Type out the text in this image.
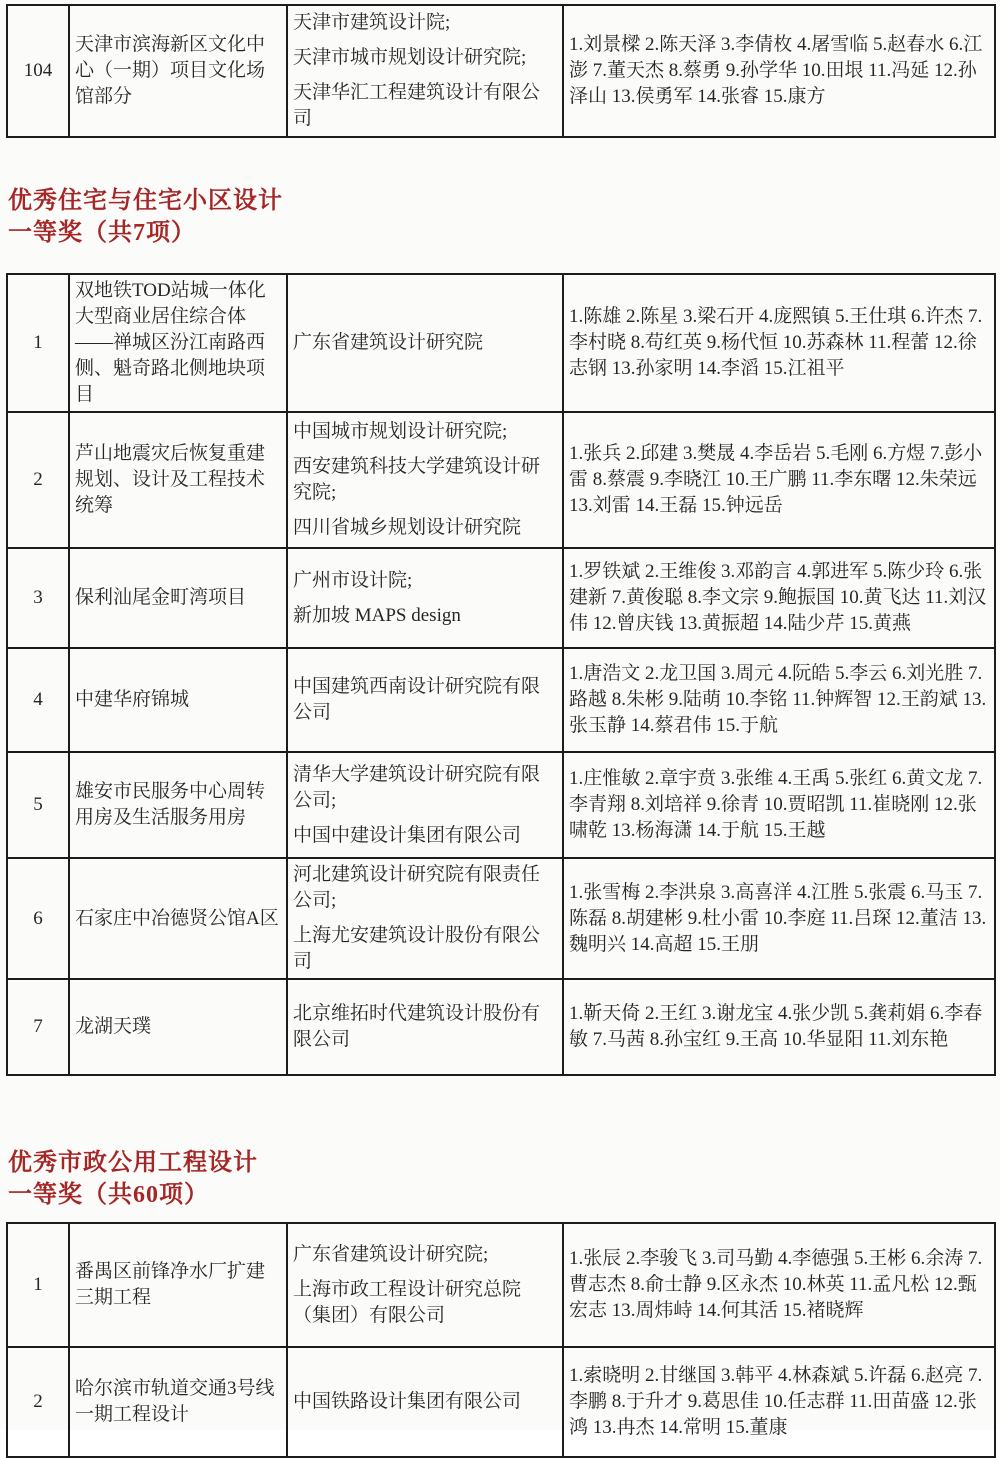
104	天津市滨海新区文化中心（一期）项目文化场馆部分	
天津市建筑设计院;
天津市城市规划设计研究院;
天津华汇工程建筑设计有限公司
	1.刘景樑 2.陈天泽 3.李倩枚 4.屠雪临 5.赵春水 6.江澎 7.董天杰 8.蔡勇 9.孙学华 10.田垠 11.冯延 12.孙泽山 13.侯勇军 14.张睿 15.康方
优秀住宅与住宅小区设计
一等奖（共7项）
1	双地铁TOD站城一体化大型商业居住综合体——禅城区汾江南路西侧、魁奇路北侧地块项目	广东省建筑设计研究院	1.陈雄 2.陈星 3.梁石开 4.庞熙镇 5.王仕琪 6.许杰 7.李村晓 8.苟红英 9.杨代恒 10.苏森林 11.程蕾 12.徐志钢 13.孙家明 14.李滔 15.江祖平
2	芦山地震灾后恢复重建规划、设计及工程技术统筹	中国城市规划设计研究院;
西安建筑科技大学建筑设计研究院;
四川省城乡规划设计研究院	1.张兵 2.邱建 3.樊晟 4.李岳岩 5.毛刚 6.方煜 7.彭小雷 8.蔡震 9.李晓江 10.王广鹏 11.李东曙 12.朱荣远 13.刘雷 14.王磊 15.钟远岳
3	保利汕尾金町湾项目	广州市设计院;
新加坡 MAPS design	1.罗铁斌 2.王维俊 3.邓韵言 4.郭进军 5.陈少玲 6.张建新 7.黄俊聪 8.李文宗 9.鲍振国 10.黄飞达 11.刘汉伟 12.曾庆钱 13.黄振超 14.陆少芹 15.黄燕
4	中建华府锦城	中国建筑西南设计研究院有限公司	1.唐浩文 2.龙卫国 3.周元 4.阮皓 5.李云 6.刘光胜 7.路越 8.朱彬 9.陆萌 10.李铭 11.钟辉智 12.王韵斌 13.张玉静 14.蔡君伟 15.于航
5	雄安市民服务中心周转用房及生活服务用房	清华大学建筑设计研究院有限公司;
中国中建设计集团有限公司	1.庄惟敏 2.章宇贲 3.张维 4.王禹 5.张红 6.黄文龙 7.李青翔 8.刘培祥 9.徐青 10.贾昭凯 11.崔晓刚 12.张啸乾 13.杨海潇 14.于航 15.王越
6	石家庄中冶德贤公馆A区	河北建筑设计研究院有限责任公司;
上海尤安建筑设计股份有限公司	1.张雪梅 2.李洪泉 3.高喜洋 4.江胜 5.张震 6.马玉 7.陈磊 8.胡建彬 9.杜小雷 10.李庭 11.吕琛 12.董洁 13.魏明兴 14.高超 15.王朋
7	龙湖天璞	北京维拓时代建筑设计股份有限公司	1.靳天倚 2.王红 3.谢龙宝 4.张少凯 5.龚莉娟 6.李春敏 7.马茜 8.孙宝红 9.王高 10.华显阳 11.刘东艳
优秀市政公用工程设计
一等奖（共60项）
1	番禺区前锋净水厂扩建三期工程	广东省建筑设计研究院;
上海市政工程设计研究总院（集团）有限公司	1.张辰 2.李骏飞 3.司马勤 4.李德强 5.王彬 6.余涛 7.曹志杰 8.俞士静 9.区永杰 10.林英 11.孟凡松 12.甄宏志 13.周炜峙 14.何其活 15.褚晓辉
2	哈尔滨市轨道交通3号线一期工程设计	中国铁路设计集团有限公司	1.索晓明 2.甘继国 3.韩平 4.林森斌 5.许磊 6.赵亮 7.李鹏 8.于升才 9.葛思佳 10.任志群 11.田苗盛 12.张鸿 13.冉杰 14.常明 15.董康
